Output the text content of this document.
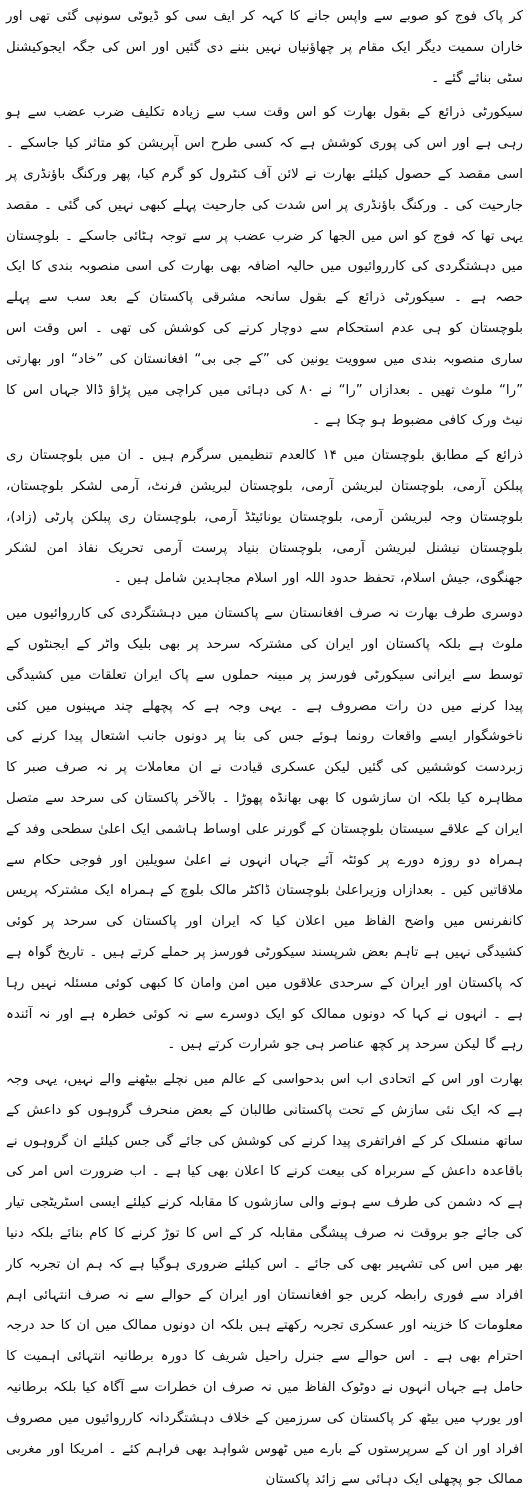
کر پاک فوج کو صوبے سے واپس جانے کا کہہ کر ایف سی کو ڈیوٹی سونپی گئی تھی اور خاران سمیت دیگر ایک مقام پر چھاؤنیاں نہیں بننے دی گئیں اور اس کی جگہ ایجوکیشنل سٹی بنائے گئے ۔

سیکورٹی ذرائع کے بقول بھارت کو اس وقت سب سے زیادہ تکلیف ضرب عضب سے ہو رہی ہے اور اس کی پوری کوشش ہے کہ کسی طرح اس آپریشن کو متاثر کیا جاسکے ۔ اسی مقصد کے حصول کیلئے بھارت نے لائن آف کنٹرول کو گرم کیا، پھر ورکنگ باؤنڈری پر جارحیت کی ۔ ورکنگ باؤنڈری پر اس شدت کی جارحیت پہلے کبھی نہیں کی گئی ۔ مقصد یہی تھا کہ فوج کو اس میں الجھا کر ضرب عضب پر سے توجہ ہٹائی جاسکے ۔ بلوچستان میں دہشتگردی کی کارروائیوں میں حالیہ اضافہ بھی بھارت کی اسی منصوبہ بندی کا ایک حصہ ہے ۔ سیکورٹی ذرائع کے بقول سانحہ مشرقی پاکستان کے بعد سب سے پہلے بلوچستان کو ہی عدم استحکام سے دوچار کرنے کی کوشش کی تھی ۔ اس وقت اس ساری منصوبہ بندی میں سوویت یونین کی ”کے جی بی“ افغانستان کی ”خاد“ اور بھارتی ”را“ ملوث تھیں ۔ بعدازاں ”را“ نے ۸۰ کی دہائی میں کراچی میں پڑاؤ ڈالا جہاں اس کا نیٹ ورک کافی مضبوط ہو چکا ہے ۔

ذرائع کے مطابق بلوچستان میں ۱۴ کالعدم تنظیمیں سرگرم ہیں ۔ ان میں بلوچستان ری پبلکن آرمی، بلوچستان لبریشن آرمی، بلوچستان لبریشن فرنٹ، آرمی لشکر بلوچستان، بلوچستان وجہ لبریشن آرمی، بلوچستان یونائیٹڈ آرمی، بلوچستان ری پبلکن پارٹی (زاد)، بلوچستان نیشنل لبریشن آرمی، بلوچستان بنیاد پرست آرمی تحریک نفاذ امن لشکر جھنگوی، جیش اسلام، تحفظ حدود اللہ اور اسلام مجاہدین شامل ہیں ۔

دوسری طرف بھارت نہ صرف افغانستان سے پاکستان میں دہشتگردی کی کارروائیوں میں ملوث ہے بلکہ پاکستان اور ایران کی مشترکہ سرحد پر بھی بلیک واٹر کے ایجنٹوں کے توسط سے ایرانی سیکورٹی فورسز پر مبینہ حملوں سے پاک ایران تعلقات میں کشیدگی پیدا کرنے میں دن رات مصروف ہے ۔ یہی وجہ ہے کہ پچھلے چند مہینوں میں کئی ناخوشگوار ایسے واقعات رونما ہوئے جس کی بنا پر دونوں جانب اشتعال پیدا کرنے کی زبردست کوششیں کی گئیں لیکن عسکری قیادت نے ان معاملات پر نہ صرف صبر کا مظاہرہ کیا بلکہ ان سازشوں کا بھی بھانڈہ پھوڑا ۔ بالآخر پاکستان کی سرحد سے متصل ایران کے علاقے سیستان بلوچستان کے گورنر علی اوساط ہاشمی ایک اعلیٰ سطحی وفد کے ہمراہ دو روزہ دورے پر کوئٹہ آئے جہاں انہوں نے اعلیٰ سویلین اور فوجی حکام سے ملاقاتیں کیں ۔ بعدازاں وزیراعلیٰ بلوچستان ڈاکٹر مالک بلوچ کے ہمراہ ایک مشترکہ پریس کانفرنس میں واضح الفاظ میں اعلان کیا کہ ایران اور پاکستان کی سرحد پر کوئی کشیدگی نہیں ہے تاہم بعض شرپسند سیکورٹی فورسز پر حملے کرتے ہیں ۔ تاریخ گواہ ہے کہ پاکستان اور ایران کے سرحدی علاقوں میں امن وامان کا کبھی کوئی مسئلہ نہیں رہا ہے ۔ انہوں نے کہا کہ دونوں ممالک کو ایک دوسرے سے نہ کوئی خطرہ ہے اور نہ آئندہ رہے گا لیکن سرحد پر کچھ عناصر ہی جو شرارت کرتے ہیں ۔

بھارت اور اس کے اتحادی اب اس بدحواسی کے عالم میں نچلے بیٹھنے والے نہیں، یہی وجہ ہے کہ ایک نئی سازش کے تحت پاکستانی طالبان کے بعض منحرف گروہوں کو داعش کے ساتھ منسلک کر کے افراتفری پیدا کرنے کی کوشش کی جائے گی جس کیلئے ان گروہوں نے باقاعدہ داعش کے سربراہ کی بیعت کرنے کا اعلان بھی کیا ہے ۔ اب ضرورت اس امر کی ہے کہ دشمن کی طرف سے ہونے والی سازشوں کا مقابلہ کرنے کیلئے ایسی اسٹریٹجی تیار کی جائے جو بروقت نہ صرف پیشگی مقابلہ کر کے اس کا توڑ کرنے کا کام بنائے بلکہ دنیا بھر میں اس کی تشہیر بھی کی جائے ۔ اس کیلئے ضروری ہوگیا ہے کہ ہم ان تجربہ کار افراد سے فوری رابطہ کریں جو افغانستان اور ایران کے حوالے سے نہ صرف انتہائی اہم معلومات کا خزینہ اور عسکری تجربہ رکھتے ہیں بلکہ ان دونوں ممالک میں ان کا حد درجہ احترام بھی ہے ۔ اس حوالے سے جنرل راحیل شریف کا دورہ برطانیہ انتہائی اہمیت کا حامل ہے جہاں انہوں نے دوٹوک الفاظ میں نہ صرف ان خطرات سے آگاہ کیا بلکہ برطانیہ اور یورپ میں بیٹھ کر پاکستان کی سرزمین کے خلاف دہشتگردانہ کارروائیوں میں مصروف افراد اور ان کے سرپرستوں کے بارے میں ٹھوس شواہد بھی فراہم کئے ۔ امریکا اور مغربی ممالک جو پچھلی ایک دہائی سے زائد پاکستان
